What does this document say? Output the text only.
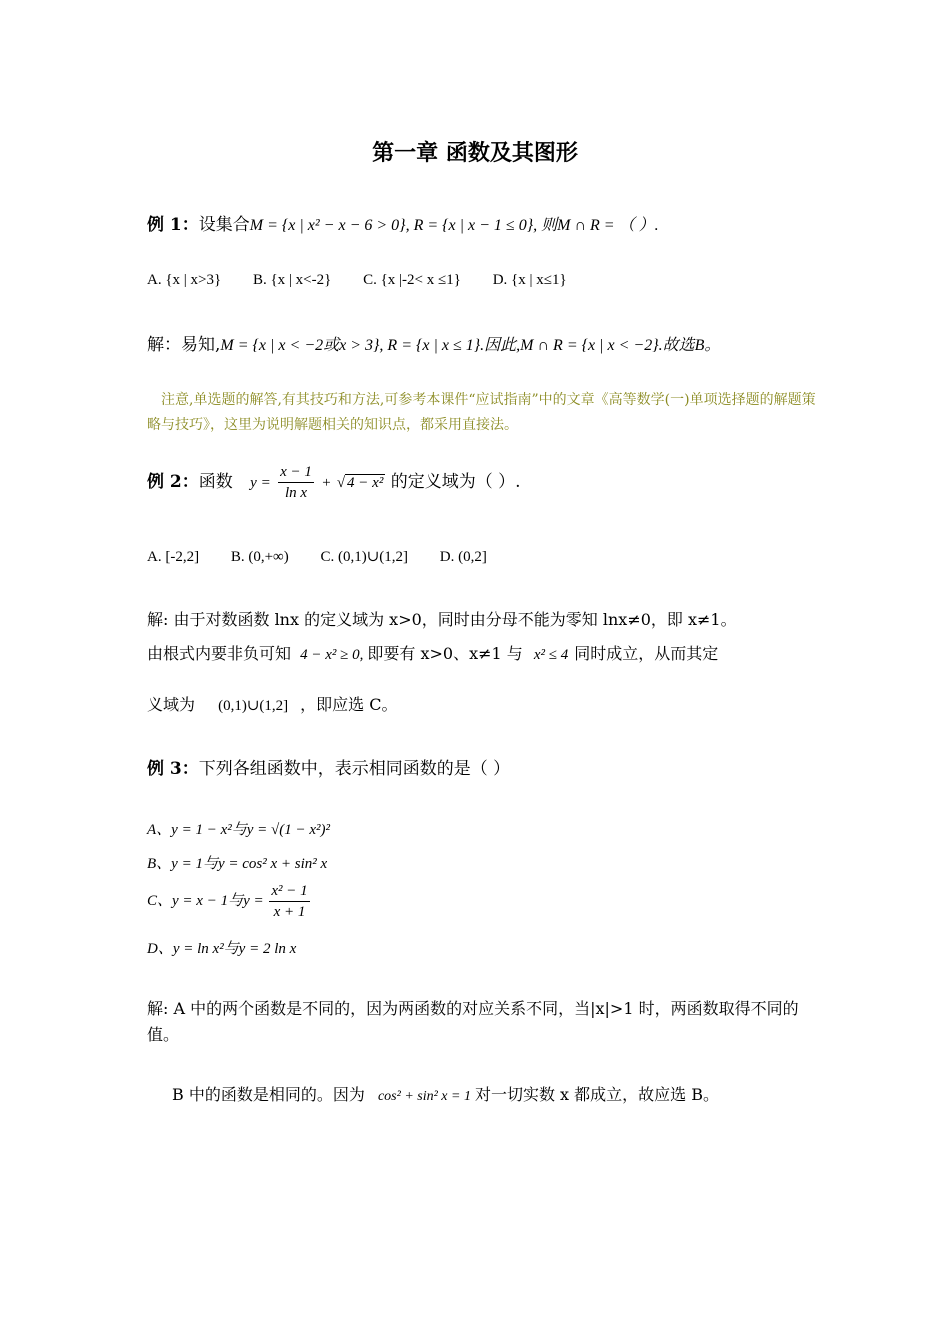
第一章 函数及其图形
例 1：设集合M = {x | x² − x − 6 > 0}, R = {x | x − 1 ≤ 0}, 则M ∩ R = （ ）.
A. {x | x>3} B. {x | x<-2} C. {x |-2< x ≤1} D. {x | x≤1}
解：易知,M = {x | x < −2或x > 3}, R = {x | x ≤ 1}.因此,M ∩ R = {x | x < −2}.故选B。
注意,单选题的解答,有其技巧和方法,可参考本课件“应试指南”中的文章《高等数学(一)单项选择题的解题策略与技巧》，这里为说明解题相关的知识点，都采用直接法。
例 2：函数 $y = \frac{x - 1}{\text{ln x}}$ + √ 4 − x² 的定义域为（ ）.
A. [-2,2] B. (0,+∞) C. (0,1)∪(1,2] D. (0,2]
解: 由于对数函数 lnx 的定义域为 x>0，同时由分母不能为零知 lnx≠0，即 x≠1。
由根式内要非负可知 4 − x² ≥ 0, 即要有 x>0、x≠1 与 x² ≤ 4 同时成立，从而其定
义域为 (0,1)∪(1,2] ，即应选 C。
例 3：下列各组函数中，表示相同函数的是（ ）
A、y = 1 − x²与y = √(1 − x²)²
B、y = 1与y = cos² x + sin² x
C、y = x − 1与$y = \frac{\text{x² − 1}}{x + 1}$
D、y = ln x²与y = 2 ln x
解: A 中的两个函数是不同的，因为两函数的对应关系不同，当|x|>1 时，两函数取得不同的值。
B 中的函数是相同的。因为 cos² + sin² x = 1 对一切实数 x 都成立，故应选 B。
